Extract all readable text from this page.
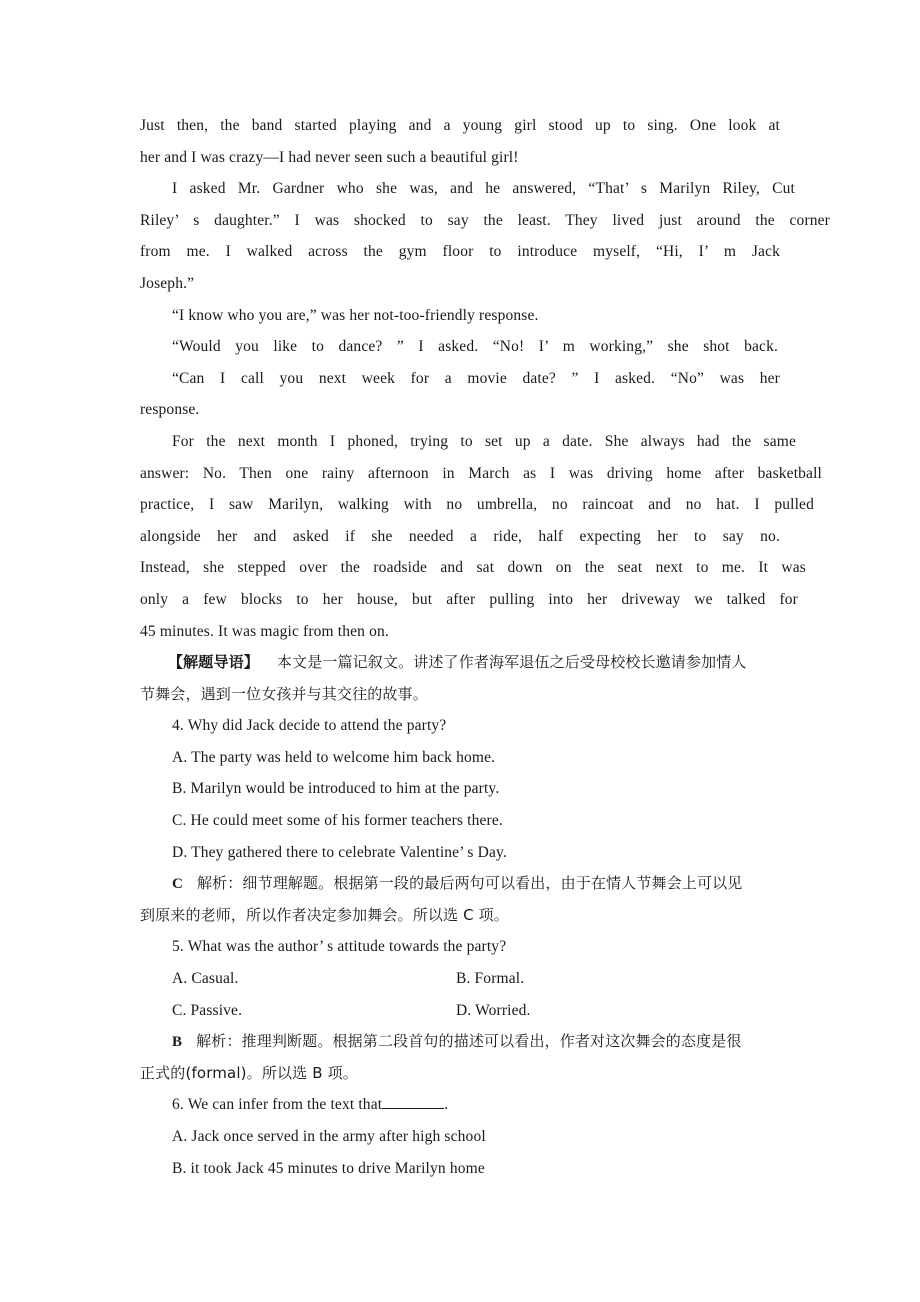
Just then, the band started playing and a young girl stood up to sing. One look at
her and I was crazy—I had never seen such a beautiful girl!
I asked Mr. Gardner who she was, and he answered, “That’ s Marilyn Riley, Cut
Riley’ s daughter.” I was shocked to say the least. They lived just around the corner
from me. I walked across the gym floor to introduce myself, “Hi, I’ m Jack
Joseph.”
“I know who you are,” was her not-too-friendly response.
“Would you like to dance? ” I asked. “No! I’ m working,” she shot back.
“Can I call you next week for a movie date? ” I asked. “No” was her
response.
For the next month I phoned, trying to set up a date. She always had the same
answer: No. Then one rainy afternoon in March as I was driving home after basketball
practice, I saw Marilyn, walking with no umbrella, no raincoat and no hat. I pulled
alongside her and asked if she needed a ride, half expecting her to say no.
Instead, she stepped over the roadside and sat down on the seat next to me. It was
only a few blocks to her house, but after pulling into her driveway we talked for
45 minutes. It was magic from then on.
【解题导语】 本文是一篇记叙文。讲述了作者海军退伍之后受母校校长邀请参加情人
节舞会，遇到一位女孩并与其交往的故事。
4. Why did Jack decide to attend the party?
A. The party was held to welcome him back home.
B. Marilyn would be introduced to him at the party.
C. He could meet some of his former teachers there.
D. They gathered there to celebrate Valentine’ s Day.
C 解析：细节理解题。根据第一段的最后两句可以看出，由于在情人节舞会上可以见
到原来的老师，所以作者决定参加舞会。所以选 C 项。
5. What was the author’ s attitude towards the party?
A. Casual.	B. Formal.
C. Passive.	D. Worried.
B 解析：推理判断题。根据第二段首句的描述可以看出，作者对这次舞会的态度是很
正式的(formal)。所以选 B 项。
6. We can infer from the text that	.
A. Jack once served in the army after high school
B. it took Jack 45 minutes to drive Marilyn home
